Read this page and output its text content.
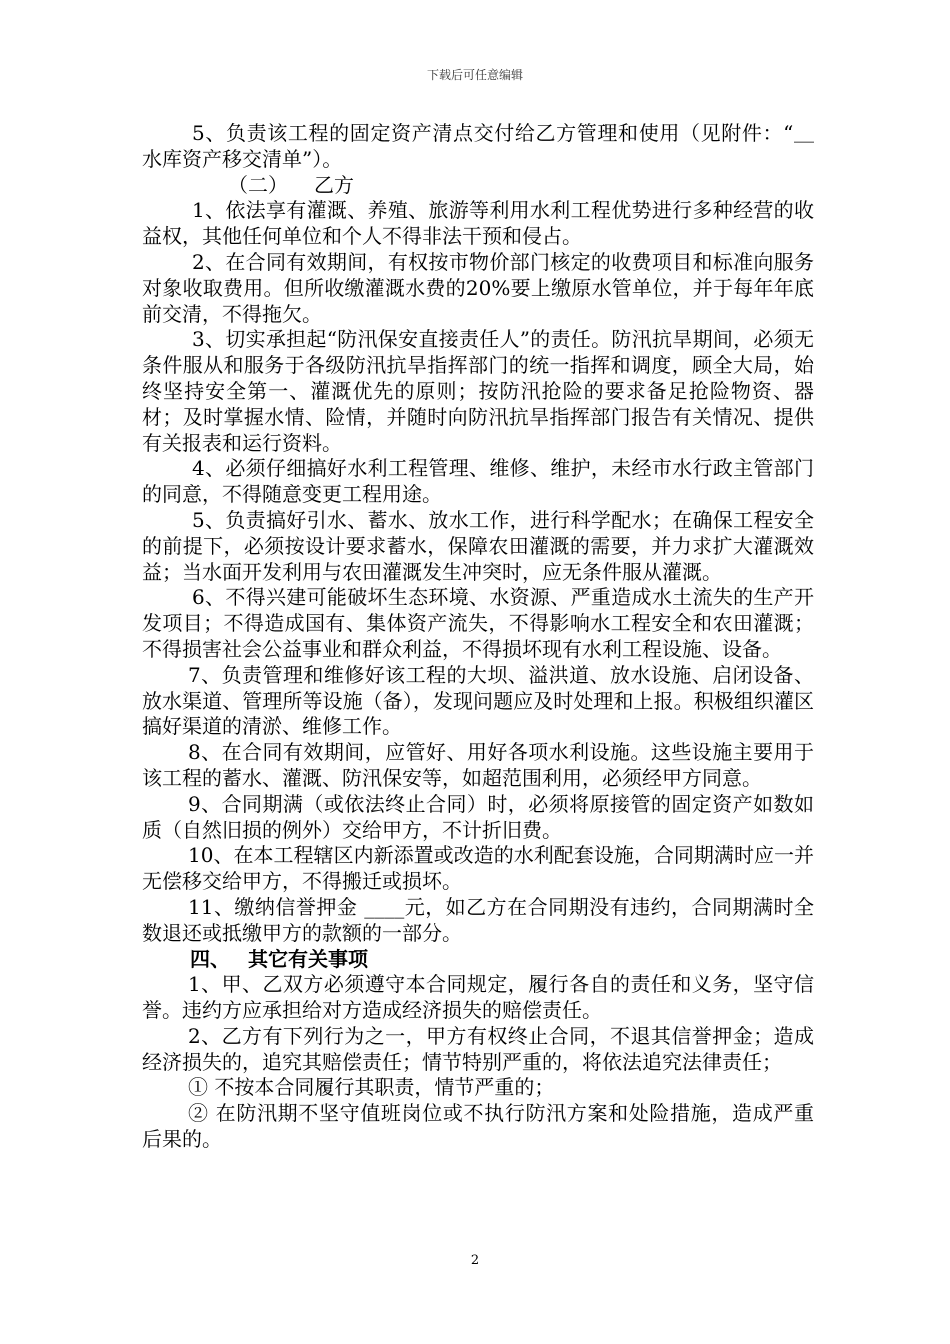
下载后可任意编辑

5、负责该工程的固定资产清点交付给乙方管理和使用（见附件：“＿水库资产移交清单”）。

（二） 乙方

1、依法享有灌溉、养殖、旅游等利用水利工程优势进行多种经营的收益权，其他任何单位和个人不得非法干预和侵占。

2、在合同有效期间，有权按市物价部门核定的收费项目和标准向服务对象收取费用。但所收缴灌溉水费的20%要上缴原水管单位，并于每年年底前交清，不得拖欠。

3、切实承担起“防汛保安直接责任人”的责任。防汛抗旱期间，必须无条件服从和服务于各级防汛抗旱指挥部门的统一指挥和调度，顾全大局，始终坚持安全第一、灌溉优先的原则；按防汛抢险的要求备足抢险物资、器材；及时掌握水情、险情，并随时向防汛抗旱指挥部门报告有关情况、提供有关报表和运行资料。

4、必须仔细搞好水利工程管理、维修、维护，未经市水行政主管部门的同意，不得随意变更工程用途。

5、负责搞好引水、蓄水、放水工作，进行科学配水；在确保工程安全的前提下，必须按设计要求蓄水，保障农田灌溉的需要，并力求扩大灌溉效益；当水面开发利用与农田灌溉发生冲突时，应无条件服从灌溉。

6、不得兴建可能破坏生态环境、水资源、严重造成水土流失的生产开发项目；不得造成国有、集体资产流失，不得影响水工程安全和农田灌溉；不得损害社会公益事业和群众利益，不得损坏现有水利工程设施、设备。

7、负责管理和维修好该工程的大坝、溢洪道、放水设施、启闭设备、放水渠道、管理所等设施（备），发现问题应及时处理和上报。积极组织灌区搞好渠道的清淤、维修工作。

8、在合同有效期间，应管好、用好各项水利设施。这些设施主要用于该工程的蓄水、灌溉、防汛保安等，如超范围利用，必须经甲方同意。

9、合同期满（或依法终止合同）时，必须将原接管的固定资产如数如质（自然旧损的例外）交给甲方，不计折旧费。

10、在本工程辖区内新添置或改造的水利配套设施，合同期满时应一并无偿移交给甲方，不得搬迁或损坏。

11、缴纳信誉押金 ____元，如乙方在合同期没有违约，合同期满时全数退还或抵缴甲方的款额的一部分。

四、 其它有关事项

1、甲、乙双方必须遵守本合同规定，履行各自的责任和义务，坚守信誉。违约方应承担给对方造成经济损失的赔偿责任。

2、乙方有下列行为之一，甲方有权终止合同，不退其信誉押金；造成经济损失的，追究其赔偿责任；情节特别严重的，将依法追究法律责任；

① 不按本合同履行其职责，情节严重的；

② 在防汛期不坚守值班岗位或不执行防汛方案和处险措施，造成严重后果的。

2
